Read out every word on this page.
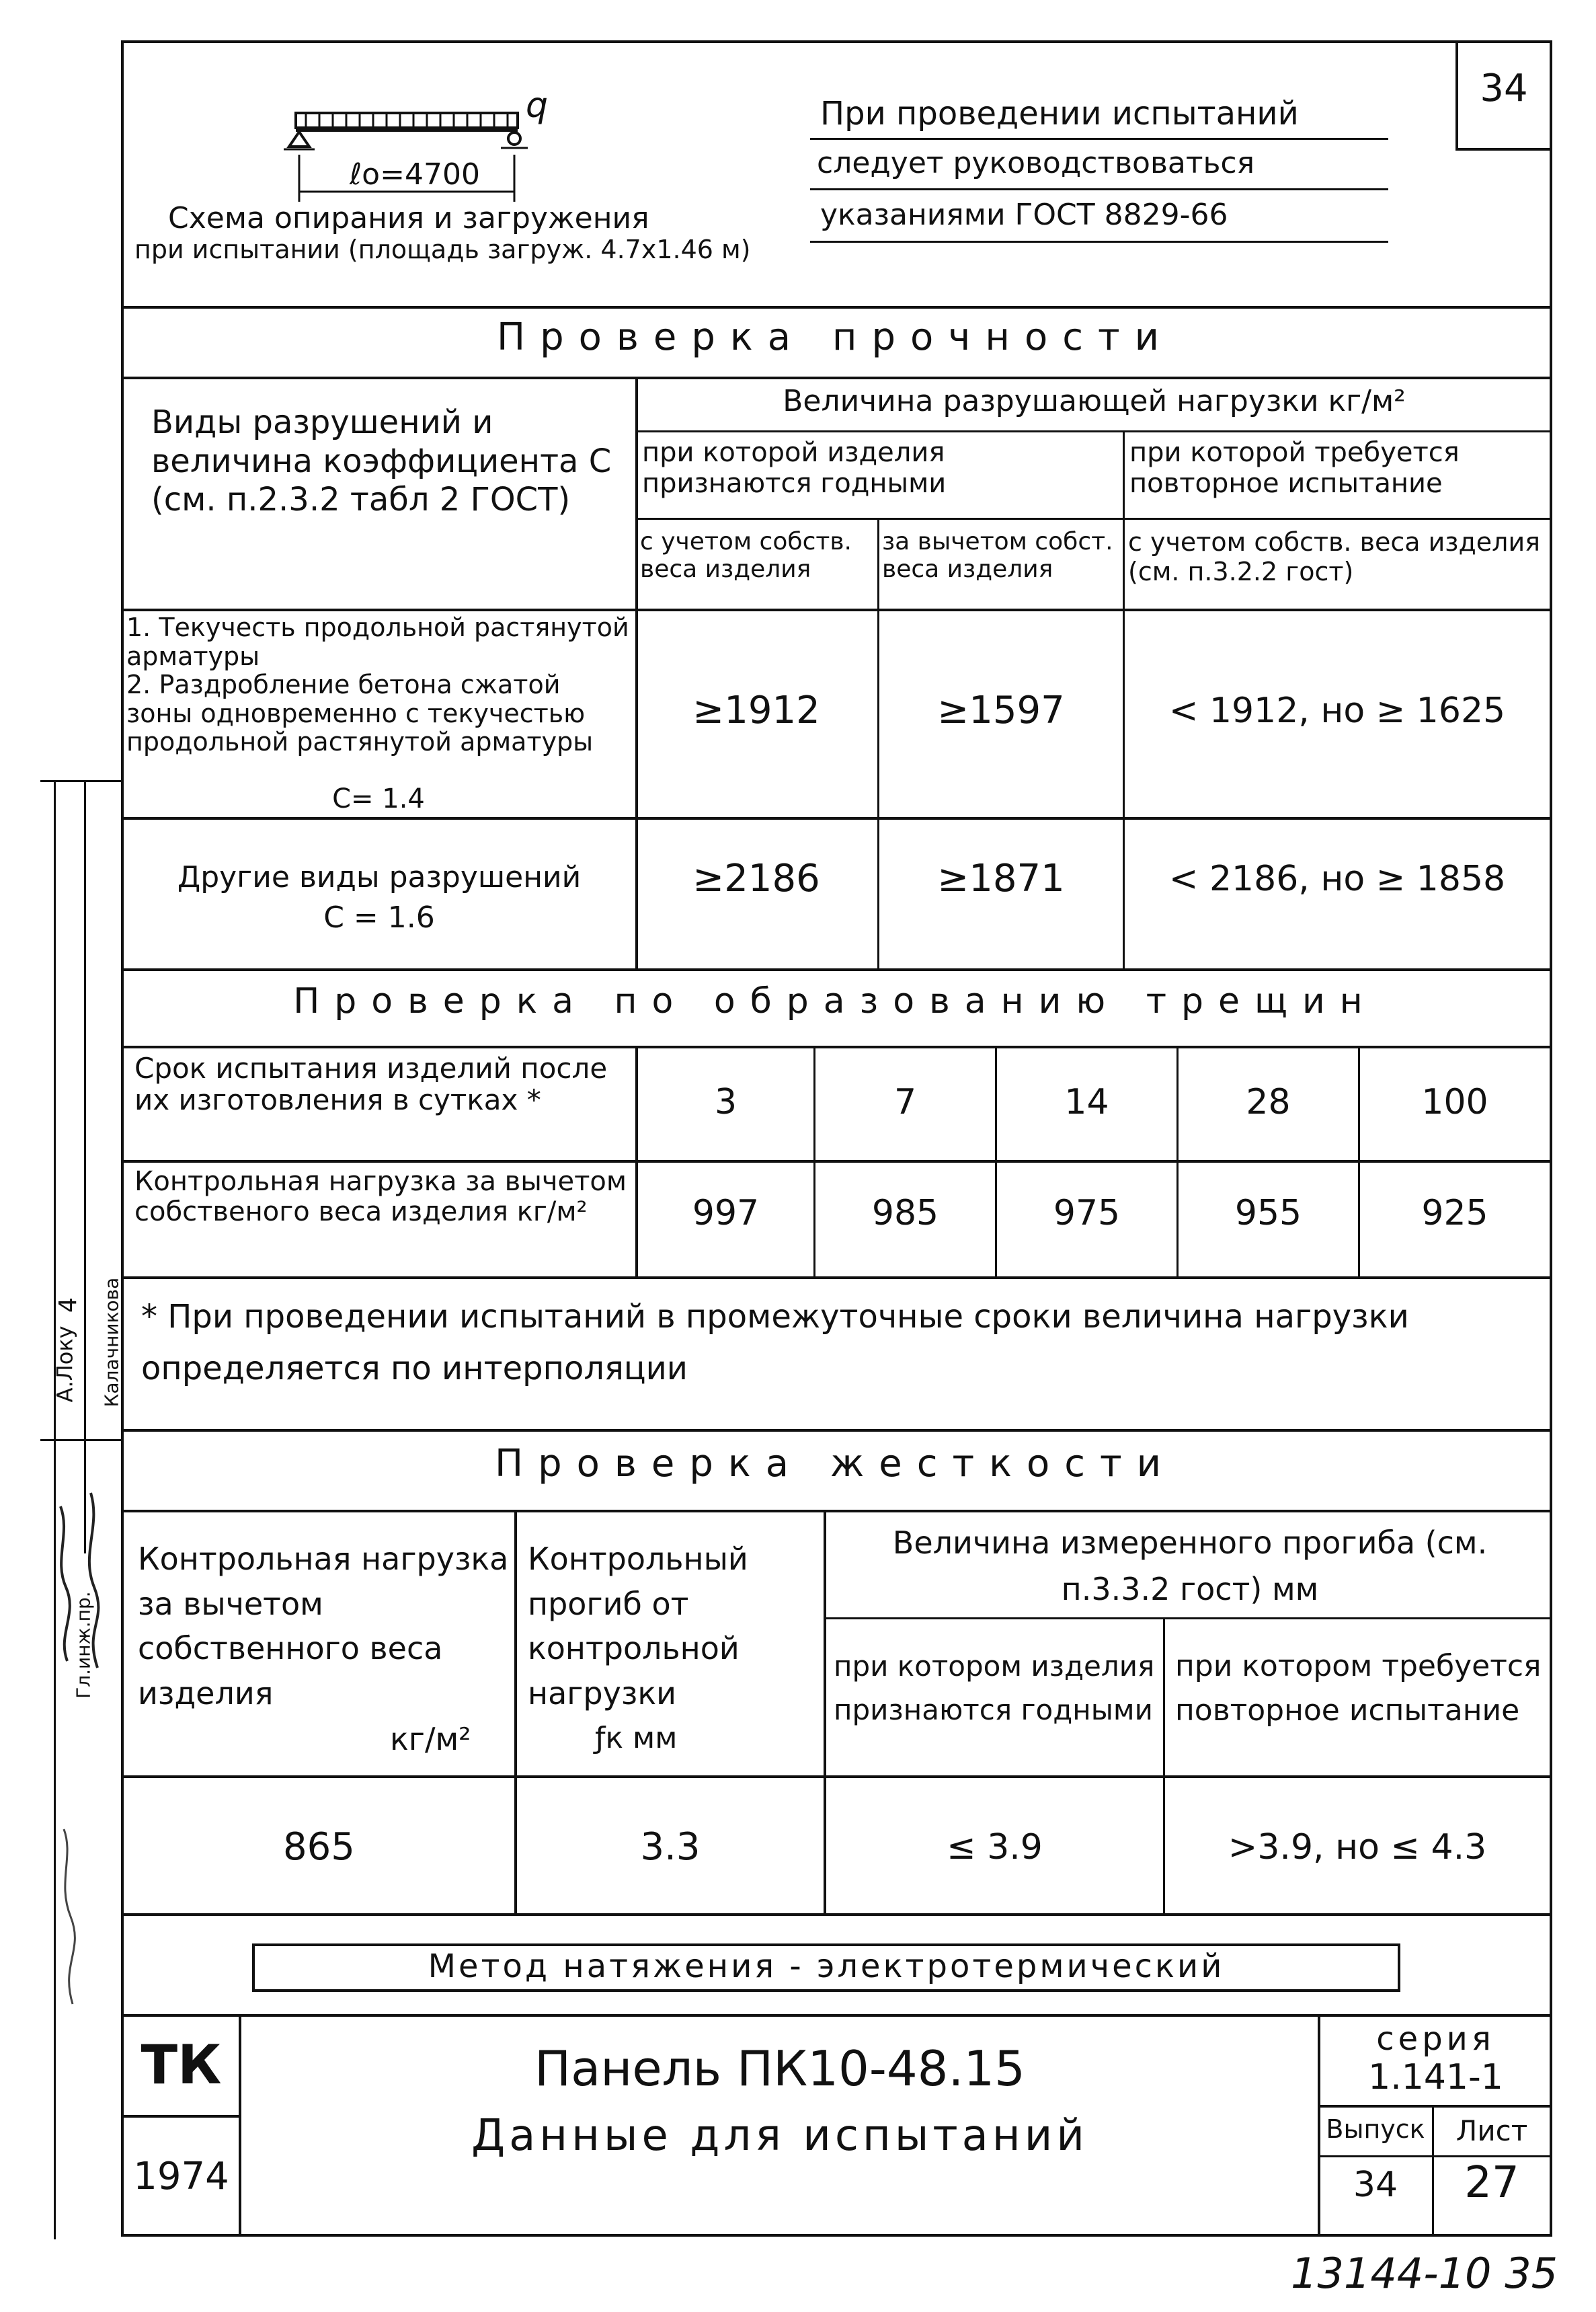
34
q
ℓo=4700
Схема опирания и загружения
при испытании (площадь загруж. 4.7х1.46 м)
При проведении испытаний
следует руководствоваться
указаниями ГОСТ 8829-66
Проверка прочности
Виды разрушений и величина коэффициента С (см. п.2.3.2 табл 2 ГОСТ)
Величина разрушающей нагрузки кг/м²
при которой изделия признаются годными
при которой требуется повторное испытание
с учетом собств. веса изделия
за вычетом собст. веса изделия
с учетом собств. веса изделия (см. п.3.2.2 гост)
1. Текучесть продольной растянутой арматуры
2. Раздробление бетона сжатой зоны одновременно с текучестью продольной растянутой арматуры
С= 1.4
≥1912	≥1597	< 1912, но ≥ 1625
Другие виды разрушений
С = 1.6
≥2186	≥1871	< 2186, но ≥ 1858
Проверка по образованию трещин
Срок испытания изделий после их изготовления в сутках *	3	7	14	28	100
Контрольная нагрузка за вычетом собственого веса изделия кг/м²	997	985	975	955	925
* При проведении испытаний в промежуточные сроки величина нагрузки определяется по интерполяции
Проверка жесткости
Контрольная нагрузка за вычетом собственного веса изделия
кг/м²
Контрольный прогиб от контрольной нагрузки
ƒк мм
Величина измеренного прогиба (см. п.3.3.2 гост) мм
при котором изделия признаются годными
при котором требуется повторное испытание
865	3.3	≤ 3.9	>3.9, но ≤ 4.3
Метод натяжения - электротермический
ТК
1974
Панель ПК10-48.15
Данные для испытаний
серия
1.141-1
Выпуск
34
Лист
27
4
А.Локу Калачникова
Гл.инж.пр.
13144-10 35
